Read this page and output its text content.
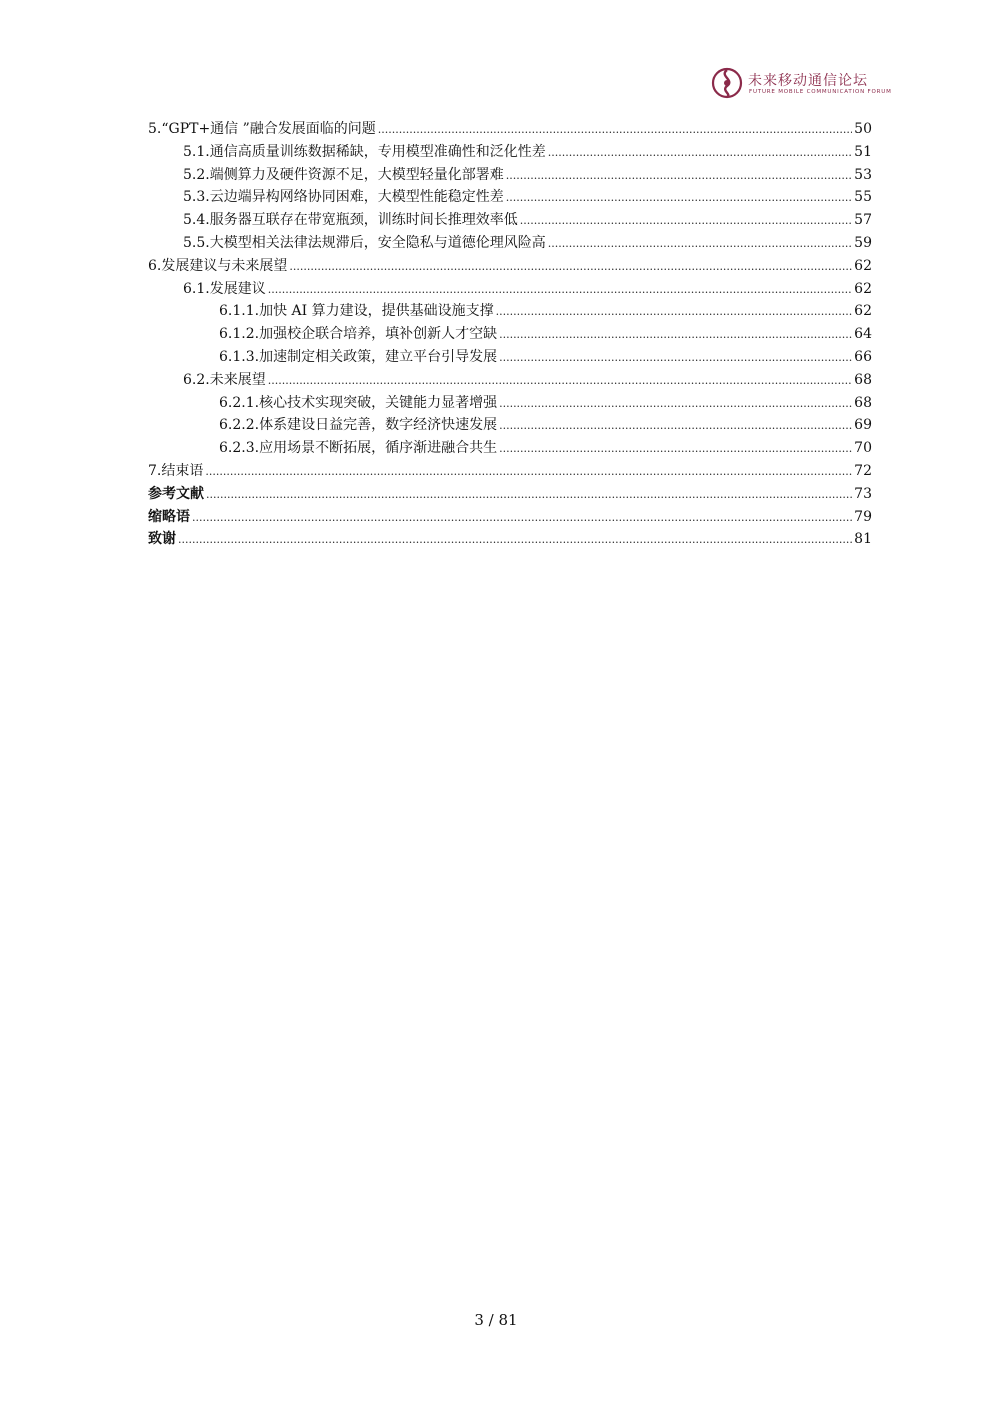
未来移动通信论坛
FUTURE MOBILE COMMUNICATION FORUM
5.“GPT+通信 ”融合发展面临的问题 .....	50
5.1.通信高质量训练数据稀缺，专用模型准确性和泛化性差 .....	51
5.2.端侧算力及硬件资源不足，大模型轻量化部署难 .....	53
5.3.云边端异构网络协同困难，大模型性能稳定性差 .....	55
5.4.服务器互联存在带宽瓶颈，训练时间长推理效率低 .....	57
5.5.大模型相关法律法规滞后，安全隐私与道德伦理风险高 .....	59
6.发展建议与未来展望 .....	62
6.1.发展建议 .....	62
6.1.1.加快 AI 算力建设，提供基础设施支撑 .....	62
6.1.2.加强校企联合培养，填补创新人才空缺 .....	64
6.1.3.加速制定相关政策，建立平台引导发展 .....	66
6.2.未来展望 .....	68
6.2.1.核心技术实现突破，关键能力显著增强 .....	68
6.2.2.体系建设日益完善，数字经济快速发展 .....	69
6.2.3.应用场景不断拓展，循序渐进融合共生 .....	70
7.结束语 .....	72
参考文献 .....	73
缩略语 .....	79
致谢 .....	81
3 / 81
